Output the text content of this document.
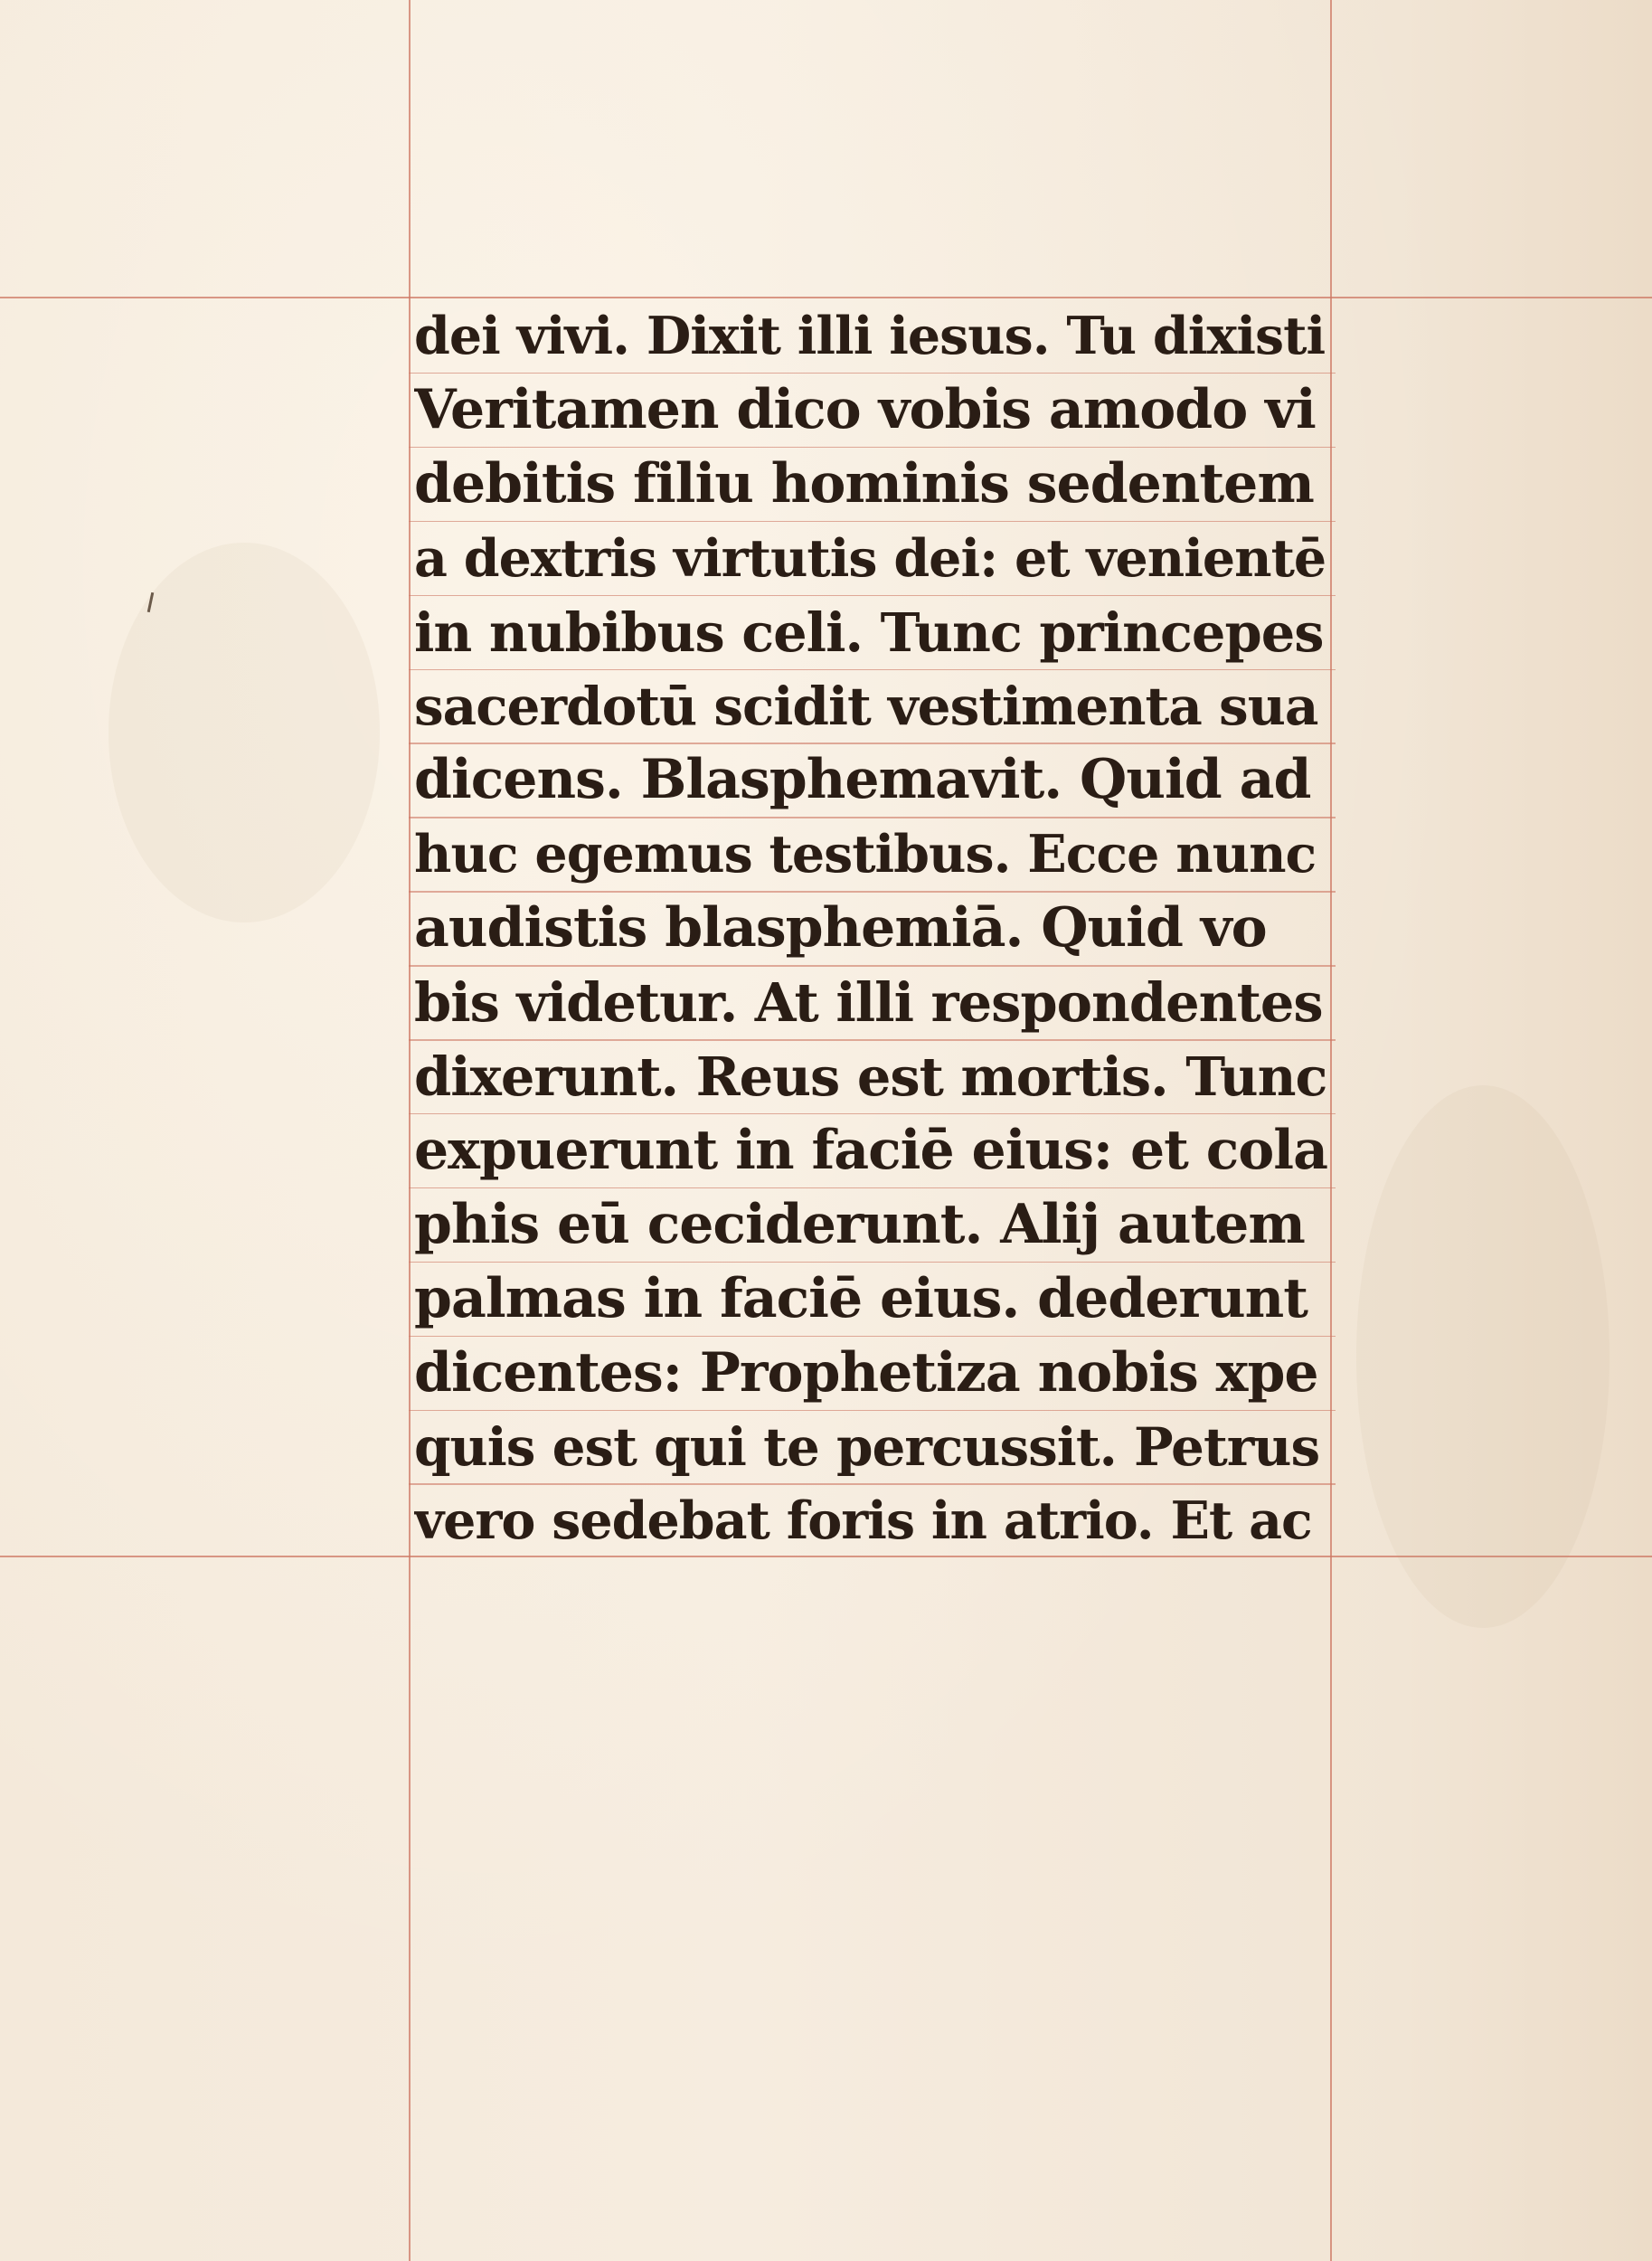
dei vivi. Dixit illi iesus. Tu dixisti
Veritamen dico vobis amodo vi
debitis filiu hominis sedentem
a dextris virtutis dei: et venientē
in nubibus celi. Tunc princepes
sacerdotū scidit vestimenta sua
dicens. Blasphemavit. Quid ad
huc egemus testibus. Ecce nunc
audistis blasphemiā. Quid vo
bis videtur. At illi respondentes
dixerunt. Reus est mortis. Tunc
expuerunt in faciē eius: et cola
phis eū ceciderunt. Alij autem
palmas in faciē eius. dederunt
dicentes: Prophetiza nobis xpe
quis est qui te percussit. Petrus
vero sedebat foris in atrio. Et ac
